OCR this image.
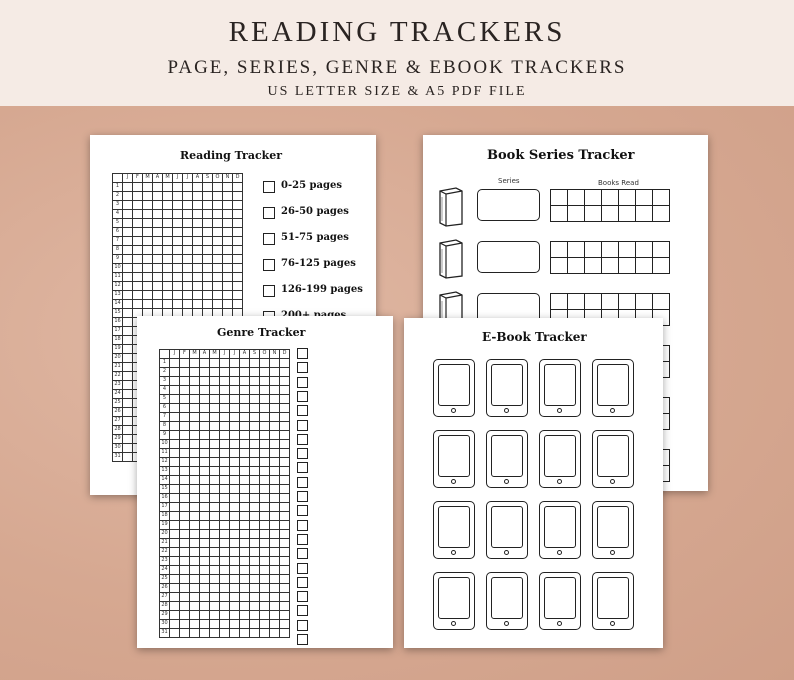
READING TRACKERS
PAGE, SERIES, GENRE & EBOOK TRACKERS
US LETTER SIZE & A5 PDF FILE
Book Series Tracker
Series	Books Read
Reading Tracker
J	F	M	A	M	J	J	A	S	O	N	D
1
2
3
4
5
6
7
8
9
10
11
12
13
14
15
16
17
18
19
20
21
22
23
24
25
26
27
28
29
30
31
0-25 pages
26-50 pages
51-75 pages
76-125 pages
126-199 pages
Genre Tracker
J	F	M	A	M	J	J	A	S	O	N	D
1
2
3
4
5
6
7
8
9
10
11
12
13
14
15
16
17
18
19
20
21
22
23
24
25
26
27
28
29
30
31
E-Book Tracker
